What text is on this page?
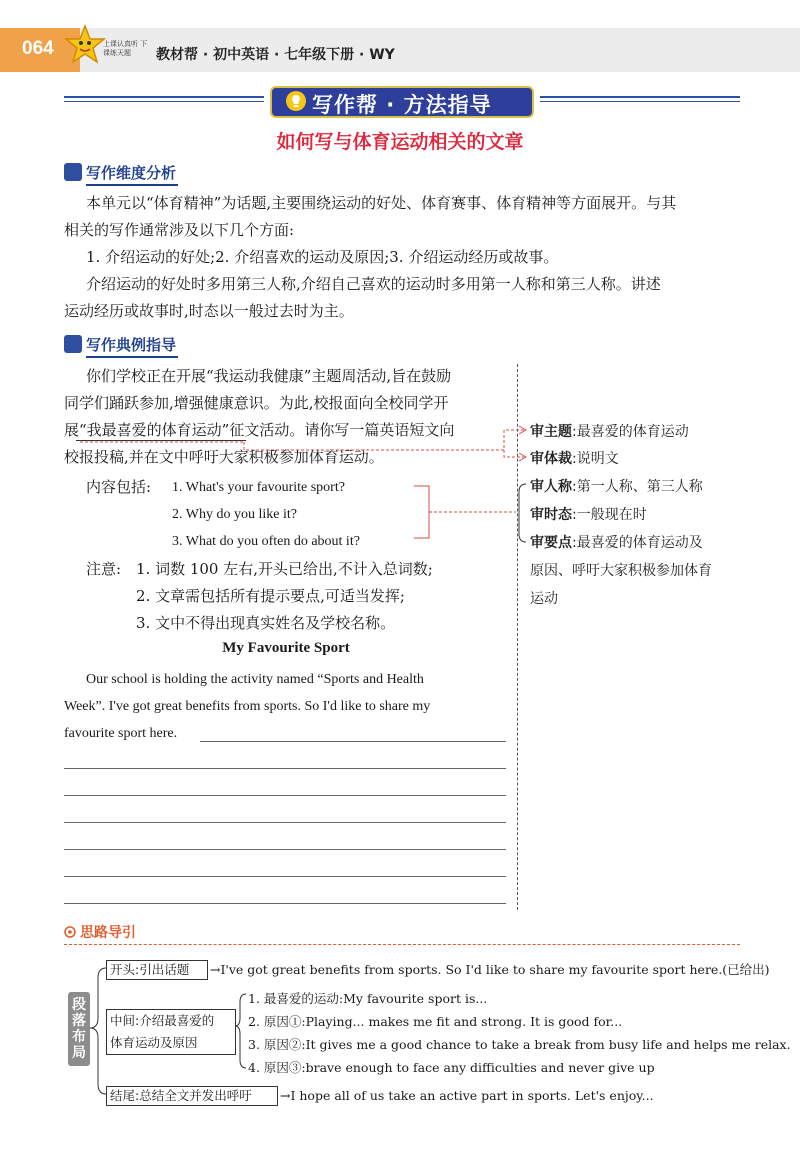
064	上课认真听 下课练天题	教材帮 · 初中英语 · 七年级下册 · WY
写作帮 · 方法指导
如何写与体育运动相关的文章
写作维度分析
本单元以“体育精神”为话题,主要围绕运动的好处、体育赛事、体育精神等方面展开。与其
相关的写作通常涉及以下几个方面:
1. 介绍运动的好处;2. 介绍喜欢的运动及原因;3. 介绍运动经历或故事。
介绍运动的好处时多用第三人称,介绍自己喜欢的运动时多用第一人称和第三人称。讲述
运动经历或故事时,时态以一般过去时为主。
写作典例指导
你们学校正在开展“我运动我健康”主题周活动,旨在鼓励
同学们踊跃参加,增强健康意识。为此,校报面向全校同学开
展“我最喜爱的体育运动”征文活动。请你写一篇英语短文向
校报投稿,并在文中呼吁大家积极参加体育运动。
内容包括: 1. What's your favourite sport?
2. Why do you like it?
3. What do you often do about it?
注意: 1. 词数 100 左右,开头已给出,不计入总词数;
2. 文章需包括所有提示要点,可适当发挥;
3. 文中不得出现真实姓名及学校名称。
My Favourite Sport
Our school is holding the activity named “Sports and Health
Week”. I've got great benefits from sports. So I'd like to share my
favourite sport here.
审主题:最喜爱的体育运动
审体裁:说明文
审人称:第一人称、第三人称
审时态:一般现在时
审要点:最喜爱的体育运动及
原因、呼吁大家积极参加体育
运动
思路导引
段落布局
开头:引出话题 →I've got great benefits from sports. So I'd like to share my favourite sport here.(已给出)
中间:介绍最喜爱的
体育运动及原因
1. 最喜爱的运动:My favourite sport is...
2. 原因①:Playing... makes me fit and strong. It is good for...
3. 原因②:It gives me a good chance to take a break from busy life and helps me relax.
4. 原因③:brave enough to face any difficulties and never give up
结尾:总结全文并发出呼吁 →I hope all of us take an active part in sports. Let's enjoy...
